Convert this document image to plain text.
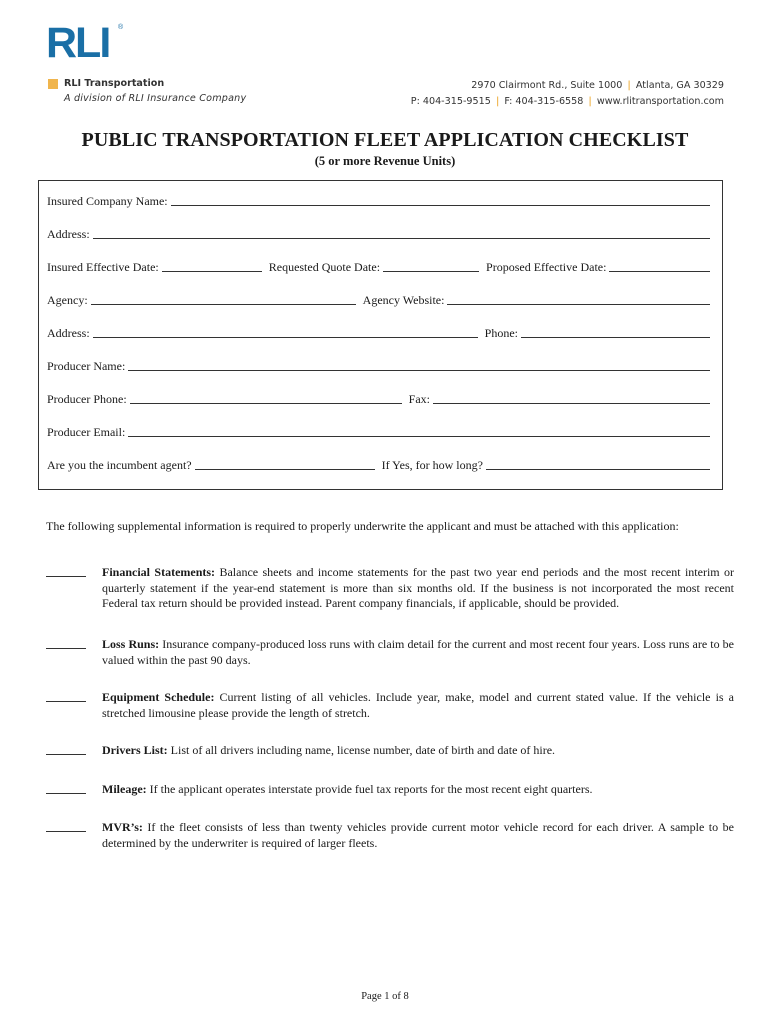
RLI ®
RLI Transportation
A division of RLI Insurance Company
2970 Clairmont Rd., Suite 1000 | Atlanta, GA 30329
P: 404-315-9515 | F: 404-315-6558 | www.rlitransportation.com
PUBLIC TRANSPORTATION FLEET APPLICATION CHECKLIST
(5 or more Revenue Units)
Insured Company Name:
Address:
Insured Effective Date:	Requested Quote Date:	Proposed Effective Date:
Agency:	Agency Website:
Address:	Phone:
Producer Name:
Producer Phone:	Fax:
Producer Email:
Are you the incumbent agent?	If Yes, for how long?
The following supplemental information is required to properly underwrite the applicant and must be attached with this application:
Financial Statements: Balance sheets and income statements for the past two year end periods and the most recent interim or quarterly statement if the year-end statement is more than six months old. If the business is not incorporated the most recent Federal tax return should be provided instead. Parent company financials, if applicable, should be provided.
Loss Runs: Insurance company-produced loss runs with claim detail for the current and most recent four years. Loss runs are to be valued within the past 90 days.
Equipment Schedule: Current listing of all vehicles. Include year, make, model and current stated value. If the vehicle is a stretched limousine please provide the length of stretch.
Drivers List: List of all drivers including name, license number, date of birth and date of hire.
Mileage: If the applicant operates interstate provide fuel tax reports for the most recent eight quarters.
MVR’s: If the fleet consists of less than twenty vehicles provide current motor vehicle record for each driver. A sample to be determined by the underwriter is required of larger fleets.
Page 1 of 8
